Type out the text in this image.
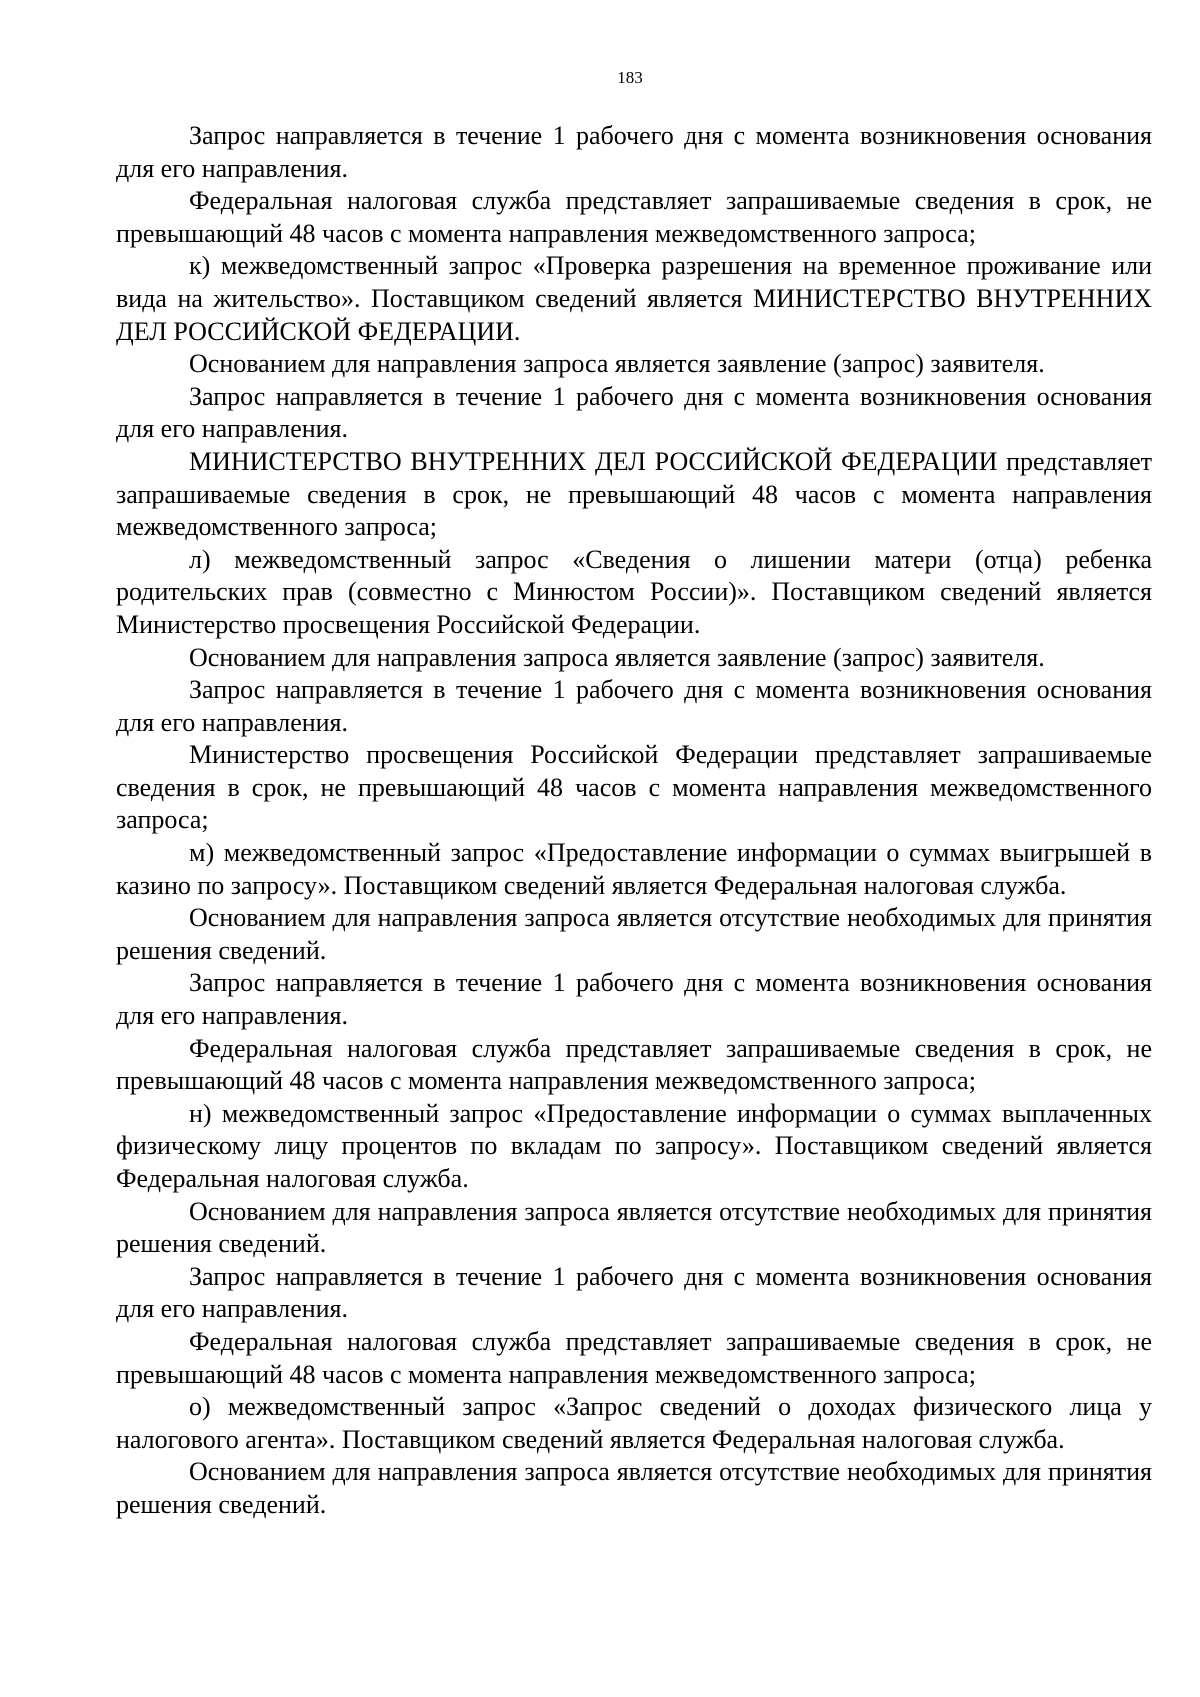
183

Запрос направляется в течение 1 рабочего дня с момента возникновения основания для его направления.

Федеральная налоговая служба представляет запрашиваемые сведения в срок, не превышающий 48 часов с момента направления межведомственного запроса;

к) межведомственный запрос «Проверка разрешения на временное проживание или вида на жительство». Поставщиком сведений является МИНИСТЕРСТВО ВНУТРЕННИХ ДЕЛ РОССИЙСКОЙ ФЕДЕРАЦИИ.

Основанием для направления запроса является заявление (запрос) заявителя.

Запрос направляется в течение 1 рабочего дня с момента возникновения основания для его направления.

МИНИСТЕРСТВО ВНУТРЕННИХ ДЕЛ РОССИЙСКОЙ ФЕДЕРАЦИИ представляет запрашиваемые сведения в срок, не превышающий 48 часов с момента направления межведомственного запроса;

л) межведомственный запрос «Сведения о лишении матери (отца) ребенка родительских прав (совместно с Минюстом России)». Поставщиком сведений является Министерство просвещения Российской Федерации.

Основанием для направления запроса является заявление (запрос) заявителя.

Запрос направляется в течение 1 рабочего дня с момента возникновения основания для его направления.

Министерство просвещения Российской Федерации представляет запрашиваемые сведения в срок, не превышающий 48 часов с момента направления межведомственного запроса;

м) межведомственный запрос «Предоставление информации о суммах выигрышей в казино по запросу». Поставщиком сведений является Федеральная налоговая служба.

Основанием для направления запроса является отсутствие необходимых для принятия решения сведений.

Запрос направляется в течение 1 рабочего дня с момента возникновения основания для его направления.

Федеральная налоговая служба представляет запрашиваемые сведения в срок, не превышающий 48 часов с момента направления межведомственного запроса;

н) межведомственный запрос «Предоставление информации о суммах выплаченных физическому лицу процентов по вкладам по запросу». Поставщиком сведений является Федеральная налоговая служба.

Основанием для направления запроса является отсутствие необходимых для принятия решения сведений.

Запрос направляется в течение 1 рабочего дня с момента возникновения основания для его направления.

Федеральная налоговая служба представляет запрашиваемые сведения в срок, не превышающий 48 часов с момента направления межведомственного запроса;

о) межведомственный запрос «Запрос сведений о доходах физического лица у налогового агента». Поставщиком сведений является Федеральная налоговая служба.

Основанием для направления запроса является отсутствие необходимых для принятия решения сведений.
